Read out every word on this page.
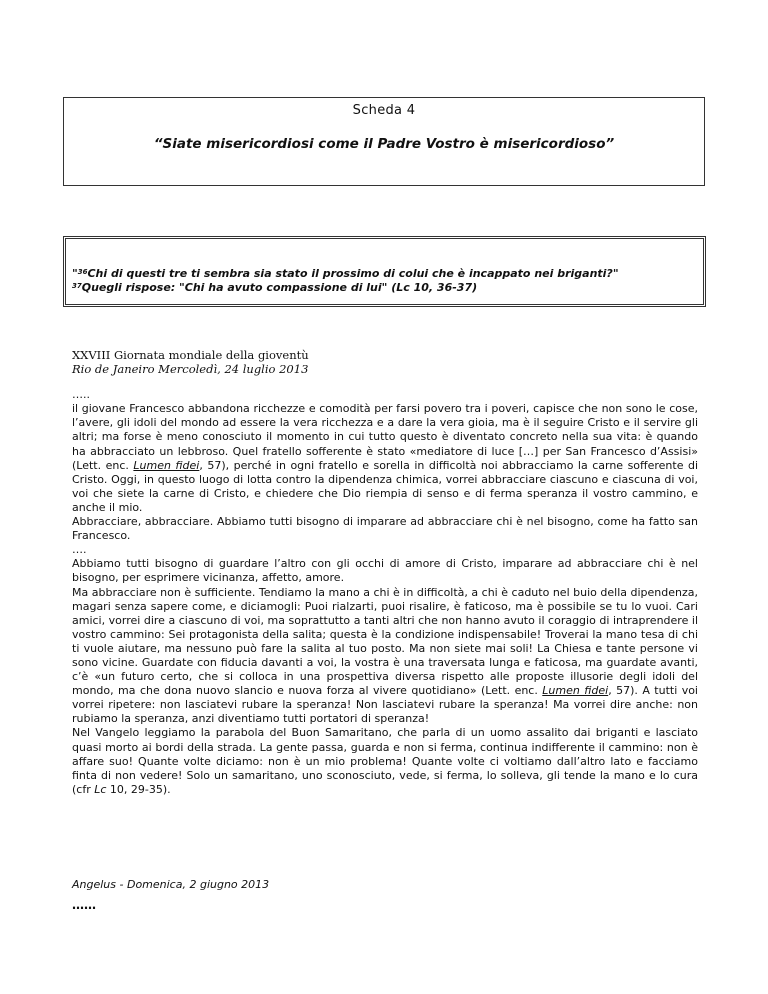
Scheda 4
“Siate misericordiosi come il Padre Vostro è misericordioso”
"$^{36}$Chi di questi tre ti sembra sia stato il prossimo di colui che è incappato nei briganti?"
$^{37}$Quegli rispose: "Chi ha avuto compassione di lui" (Lc 10, 36-37)
XXVIII Giornata mondiale della gioventù
Rio de Janeiro Mercoledì, 24 luglio 2013
…..
il giovane Francesco abbandona ricchezze e comodità per farsi povero tra i poveri, capisce che non sono le cose, l’avere, gli idoli del mondo ad essere la vera ricchezza e a dare la vera gioia, ma è il seguire Cristo e il servire gli altri; ma forse è meno conosciuto il momento in cui tutto questo è diventato concreto nella sua vita: è quando ha abbracciato un lebbroso. Quel fratello sofferente è stato «mediatore di luce […] per San Francesco d’Assisi» (Lett. enc. Lumen fidei, 57), perché in ogni fratello e sorella in difficoltà noi abbracciamo la carne sofferente di Cristo. Oggi, in questo luogo di lotta contro la dipendenza chimica, vorrei abbracciare ciascuno e ciascuna di voi, voi che siete la carne di Cristo, e chiedere che Dio riempia di senso e di ferma speranza il vostro cammino, e anche il mio.
Abbracciare, abbracciare. Abbiamo tutti bisogno di imparare ad abbracciare chi è nel bisogno, come ha fatto san Francesco.
….
Abbiamo tutti bisogno di guardare l’altro con gli occhi di amore di Cristo, imparare ad abbracciare chi è nel bisogno, per esprimere vicinanza, affetto, amore.
Ma abbracciare non è sufficiente. Tendiamo la mano a chi è in difficoltà, a chi è caduto nel buio della dipendenza, magari senza sapere come, e diciamogli: Puoi rialzarti, puoi risalire, è faticoso, ma è possibile se tu lo vuoi. Cari amici, vorrei dire a ciascuno di voi, ma soprattutto a tanti altri che non hanno avuto il coraggio di intraprendere il vostro cammino: Sei protagonista della salita; questa è la condizione indispensabile! Troverai la mano tesa di chi ti vuole aiutare, ma nessuno può fare la salita al tuo posto. Ma non siete mai soli! La Chiesa e tante persone vi sono vicine. Guardate con fiducia davanti a voi, la vostra è una traversata lunga e faticosa, ma guardate avanti, c’è «un futuro certo, che si colloca in una prospettiva diversa rispetto alle proposte illusorie degli idoli del mondo, ma che dona nuovo slancio e nuova forza al vivere quotidiano» (Lett. enc. Lumen fidei, 57). A tutti voi vorrei ripetere: non lasciatevi rubare la speranza! Non lasciatevi rubare la speranza! Ma vorrei dire anche: non rubiamo la speranza, anzi diventiamo tutti portatori di speranza!
Nel Vangelo leggiamo la parabola del Buon Samaritano, che parla di un uomo assalito dai briganti e lasciato quasi morto ai bordi della strada. La gente passa, guarda e non si ferma, continua indifferente il cammino: non è affare suo! Quante volte diciamo: non è un mio problema! Quante volte ci voltiamo dall’altro lato e facciamo finta di non vedere! Solo un samaritano, uno sconosciuto, vede, si ferma, lo solleva, gli tende la mano e lo cura (cfr Lc 10, 29-35).
Angelus - Domenica, 2 giugno 2013
……
